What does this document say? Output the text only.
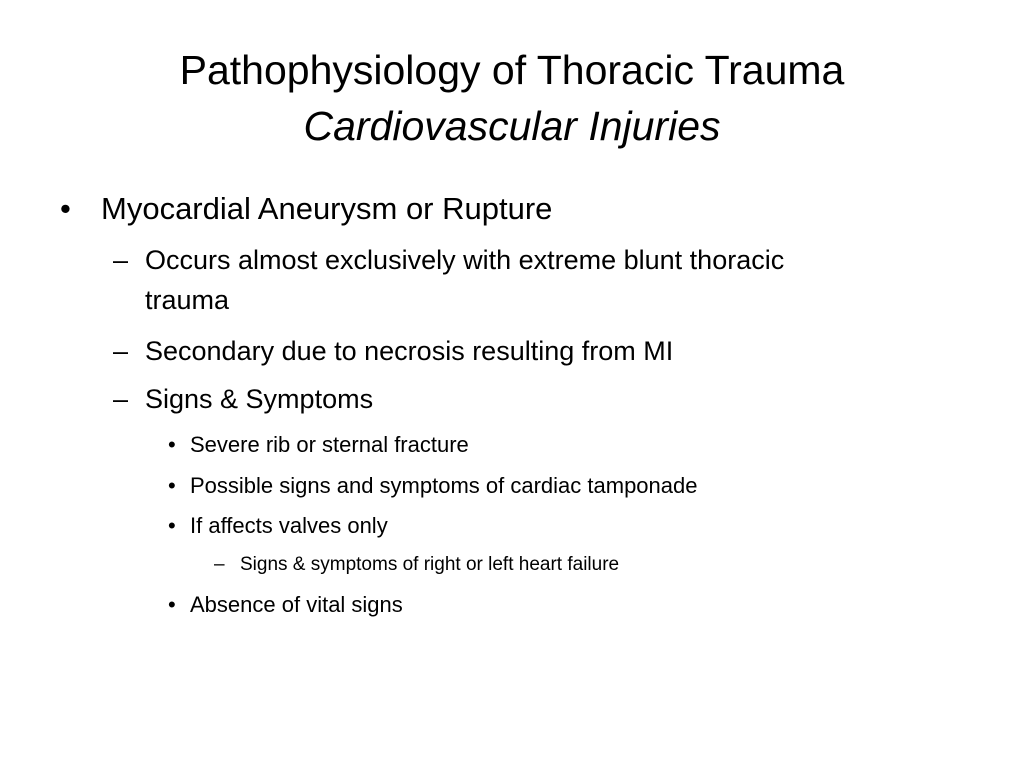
Pathophysiology of Thoracic Trauma
Cardiovascular Injuries
• Myocardial Aneurysm or Rupture
– Occurs almost exclusively with extreme blunt thoracic
trauma
– Secondary due to necrosis resulting from MI
– Signs & Symptoms
• Severe rib or sternal fracture
• Possible signs and symptoms of cardiac tamponade
• If affects valves only
– Signs & symptoms of right or left heart failure
• Absence of vital signs
